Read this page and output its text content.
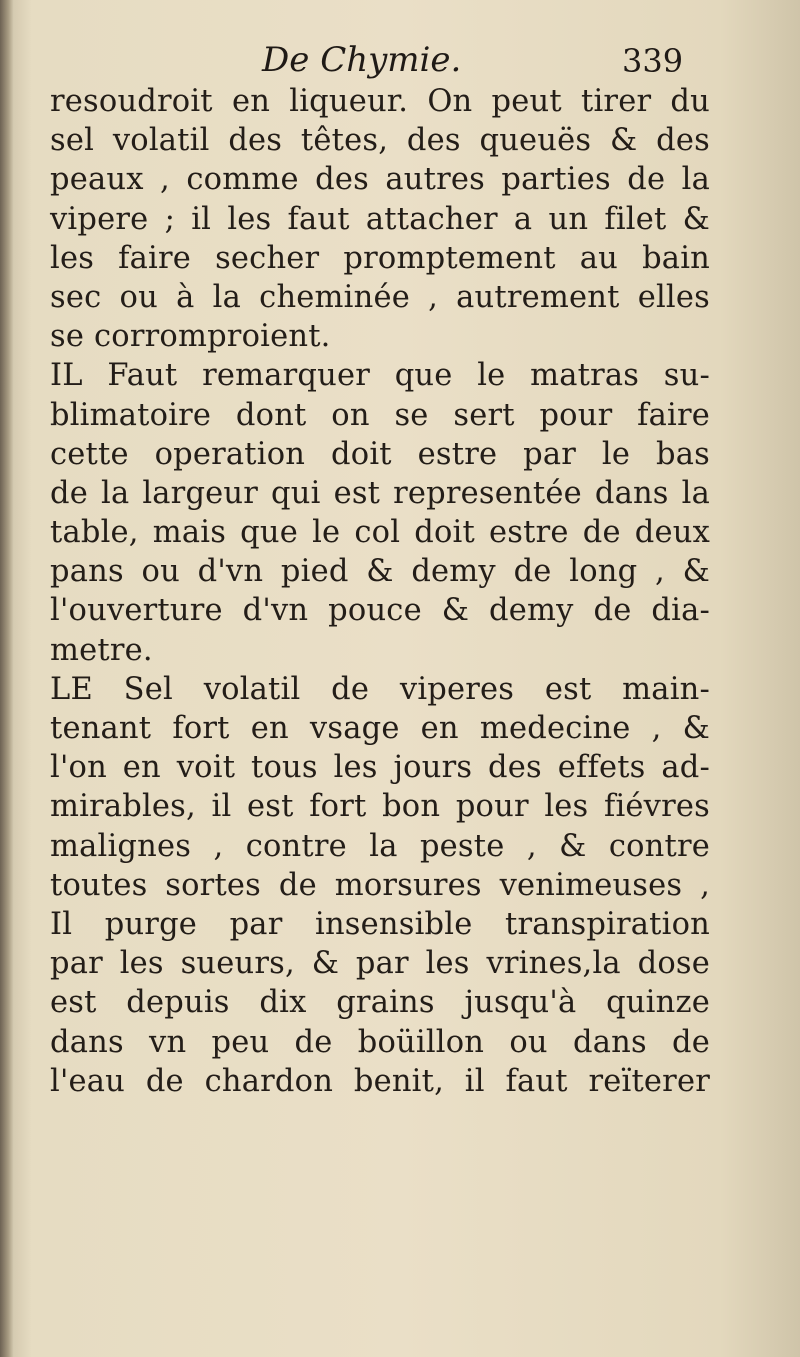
De Chymie.	339
resoudroit en liqueur. On peut tirer du
sel volatil des têtes, des queuës & des
peaux , comme des autres parties de la
vipere ; il les faut attacher a un filet &
les faire secher promptement au bain
sec ou à la cheminée , autrement elles
se corromproient.
IL Faut remarquer que le matras su-
blimatoire dont on se sert pour faire
cette operation doit estre par le bas
de la largeur qui est representée dans la
table, mais que le col doit estre de deux
pans ou d'vn pied & demy de long , &
l'ouverture d'vn pouce & demy de dia-
metre.
LE Sel volatil de viperes est main-
tenant fort en vsage en medecine , &
l'on en voit tous les jours des effets ad-
mirables, il est fort bon pour les fiévres
malignes , contre la peste , & contre
toutes sortes de morsures venimeuses ,
Il purge par insensible transpiration
par les sueurs, & par les vrines,la dose
est depuis dix grains jusqu'à quinze
dans vn peu de boüillon ou dans de
l'eau de chardon benit, il faut reïterer
